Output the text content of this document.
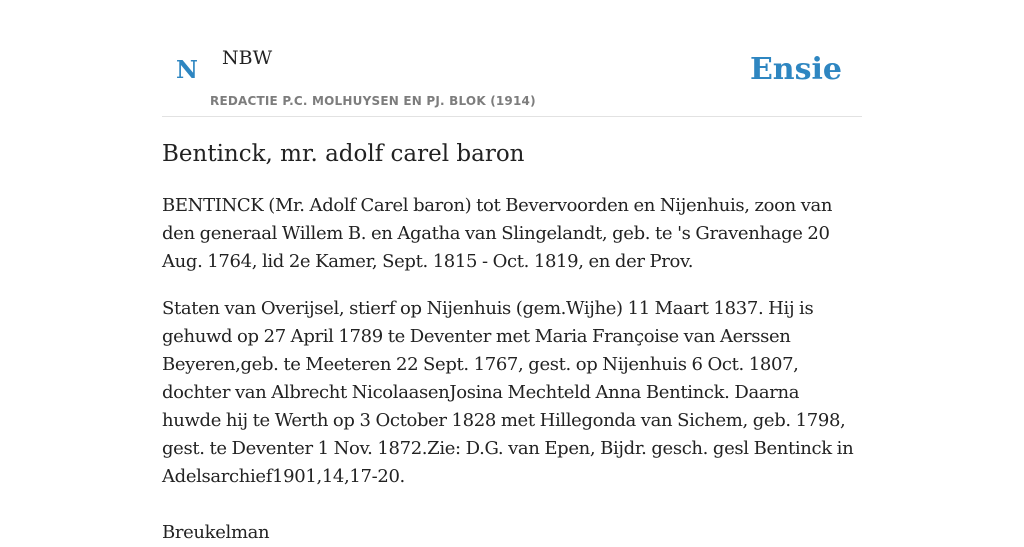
N NBW
REDACTIE P.C. MOLHUYSEN EN PJ. BLOK (1914)
Ensie
Bentinck, mr. adolf carel baron

BENTINCK (Mr. Adolf Carel baron) tot Bevervoorden en Nijenhuis, zoon van den generaal Willem B. en Agatha van Slingelandt, geb. te 's Gravenhage 20 Aug. 1764, lid 2e Kamer, Sept. 1815 - Oct. 1819, en der Prov.

Staten van Overijsel, stierf op Nijenhuis (gem.Wijhe) 11 Maart 1837. Hij is gehuwd op 27 April 1789 te Deventer met Maria Françoise van Aerssen Beyeren,geb. te Meeteren 22 Sept. 1767, gest. op Nijenhuis 6 Oct. 1807, dochter van Albrecht NicolaasenJosina Mechteld Anna Bentinck. Daarna huwde hij te Werth op 3 October 1828 met Hillegonda van Sichem, geb. 1798, gest. te Deventer 1 Nov. 1872.Zie: D.G. van Epen, Bijdr. gesch. gesl Bentinck in Adelsarchief1901,14,17-20.

Breukelman
